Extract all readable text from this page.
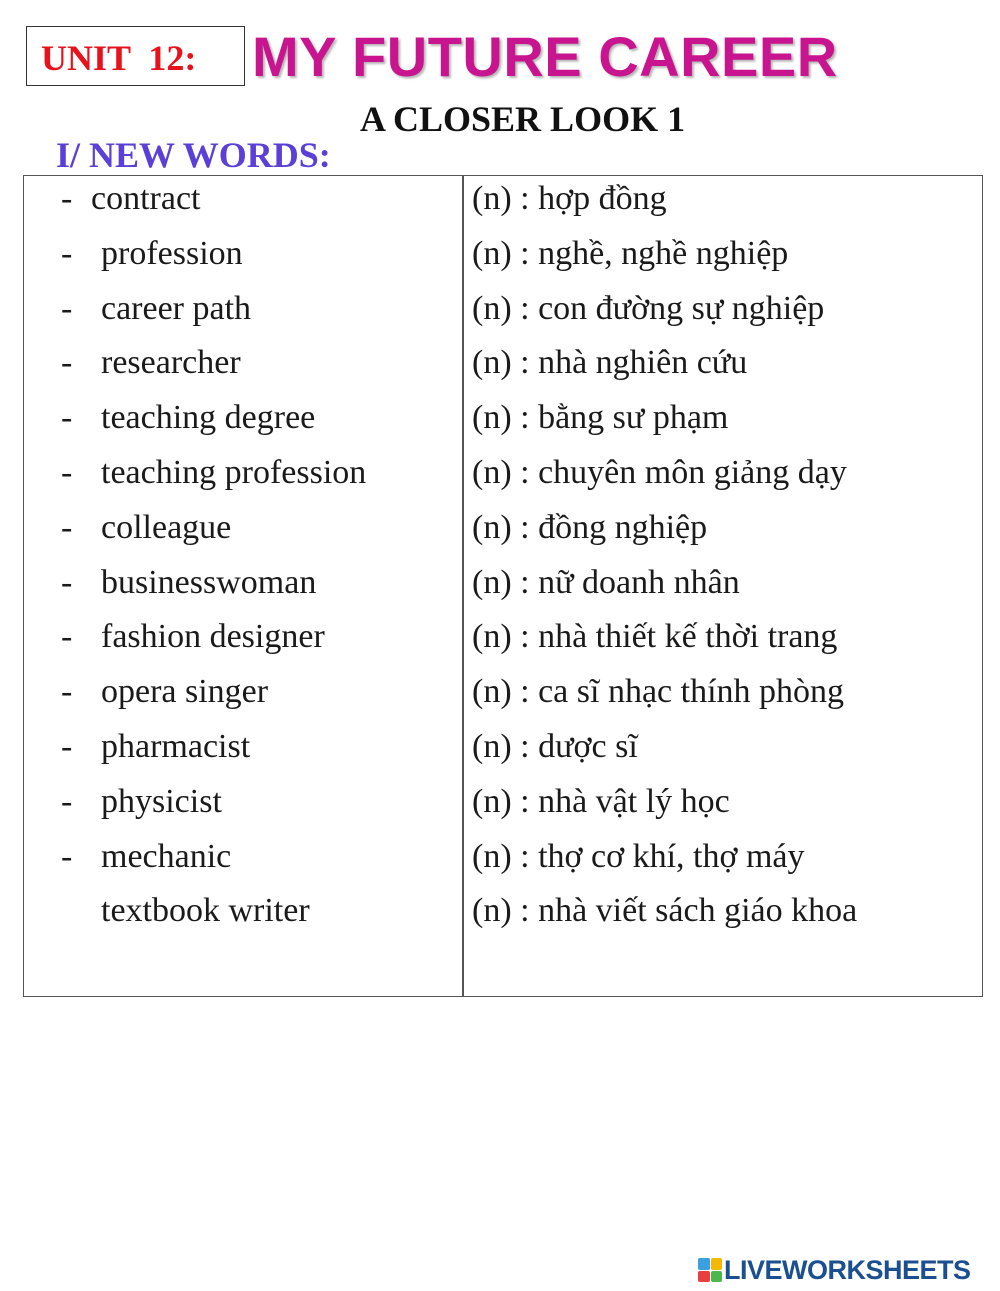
UNIT  12: MY FUTURE CAREER
A CLOSER LOOK 1
I/ NEW WORDS:
- contract	(n) : hợp đồng
- profession	(n) : nghề, nghề nghiệp
- career path	(n) : con đường sự nghiệp
- researcher	(n) : nhà nghiên cứu
- teaching degree	(n) : bằng sư phạm
- teaching profession	(n) : chuyên môn giảng dạy
- colleague	(n) : đồng nghiệp
- businesswoman	(n) : nữ doanh nhân
- fashion designer	(n) : nhà thiết kế thời trang
- opera singer	(n) : ca sĩ nhạc thính phòng
- pharmacist	(n) : dược sĩ
- physicist	(n) : nhà vật lý học
- mechanic	(n) : thợ cơ khí, thợ máy
textbook writer	(n) : nhà viết sách giáo khoa
LIVEWORKSHEETS
